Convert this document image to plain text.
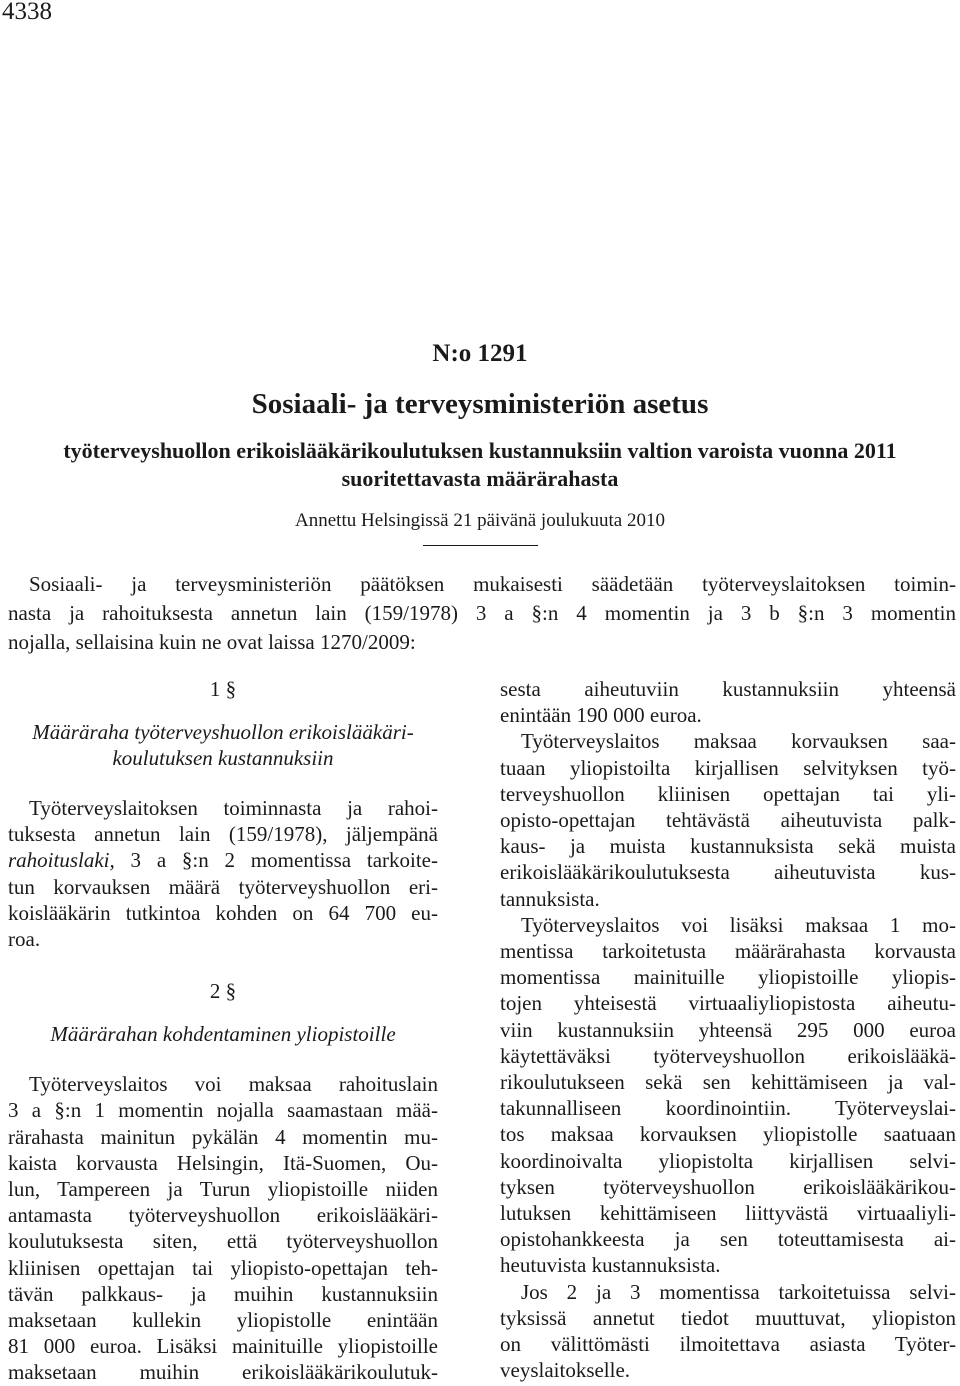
4338

N:o 1291
Sosiaali- ja terveysministeriön asetus
työterveyshuollon erikoislääkärikoulutuksen kustannuksiin valtion varoista vuonna 2011
suoritettavasta määrärahasta

Annettu Helsingissä 21 päivänä joulukuuta 2010

Sosiaali- ja terveysministeriön päätöksen mukaisesti säädetään työterveyslaitoksen toimin-
nasta ja rahoituksesta annetun lain (159/1978) 3 a §:n 4 momentin ja 3 b §:n 3 momentin
nojalla, sellaisina kuin ne ovat laissa 1270/2009:

1 §
Määräraha työterveyshuollon erikoislääkäri-
koulutuksen kustannuksiin
Työterveyslaitoksen toiminnasta ja rahoi-
tuksesta annetun lain (159/1978), jäljempänä
rahoituslaki, 3 a §:n 2 momentissa tarkoite-
tun korvauksen määrä työterveyshuollon eri-
koislääkärin tutkintoa kohden on 64 700 eu-
roa.
2 §
Määrärahan kohdentaminen yliopistoille
Työterveyslaitos voi maksaa rahoituslain
3 a §:n 1 momentin nojalla saamastaan mää-
rärahasta mainitun pykälän 4 momentin mu-
kaista korvausta Helsingin, Itä-Suomen, Ou-
lun, Tampereen ja Turun yliopistoille niiden
antamasta työterveyshuollon erikoislääkäri-
koulutuksesta siten, että työterveyshuollon
kliinisen opettajan tai yliopisto-opettajan teh-
tävän palkkaus- ja muihin kustannuksiin
maksetaan kullekin yliopistolle enintään
81 000 euroa. Lisäksi mainituille yliopistoille
maksetaan muihin erikoislääkärikoulutuk-
sesta aiheutuviin kustannuksiin yhteensä
enintään 190 000 euroa.
Työterveyslaitos maksaa korvauksen saa-
tuaan yliopistoilta kirjallisen selvityksen työ-
terveyshuollon kliinisen opettajan tai yli-
opisto-opettajan tehtävästä aiheutuvista palk-
kaus- ja muista kustannuksista sekä muista
erikoislääkärikoulutuksesta aiheutuvista kus-
tannuksista.
Työterveyslaitos voi lisäksi maksaa 1 mo-
mentissa tarkoitetusta määrärahasta korvausta
momentissa mainituille yliopistoille yliopis-
tojen yhteisestä virtuaaliyliopistosta aiheutu-
viin kustannuksiin yhteensä 295 000 euroa
käytettäväksi työterveyshuollon erikoislääkä-
rikoulutukseen sekä sen kehittämiseen ja val-
takunnalliseen koordinointiin. Työterveyslai-
tos maksaa korvauksen yliopistolle saatuaan
koordinoivalta yliopistolta kirjallisen selvi-
tyksen työterveyshuollon erikoislääkärikou-
lutuksen kehittämiseen liittyvästä virtuaaliyli-
opistohankkeesta ja sen toteuttamisesta ai-
heutuvista kustannuksista.
Jos 2 ja 3 momentissa tarkoitetuissa selvi-
tyksissä annetut tiedot muuttuvat, yliopiston
on välittömästi ilmoitettava asiasta Työter-
veyslaitokselle.
